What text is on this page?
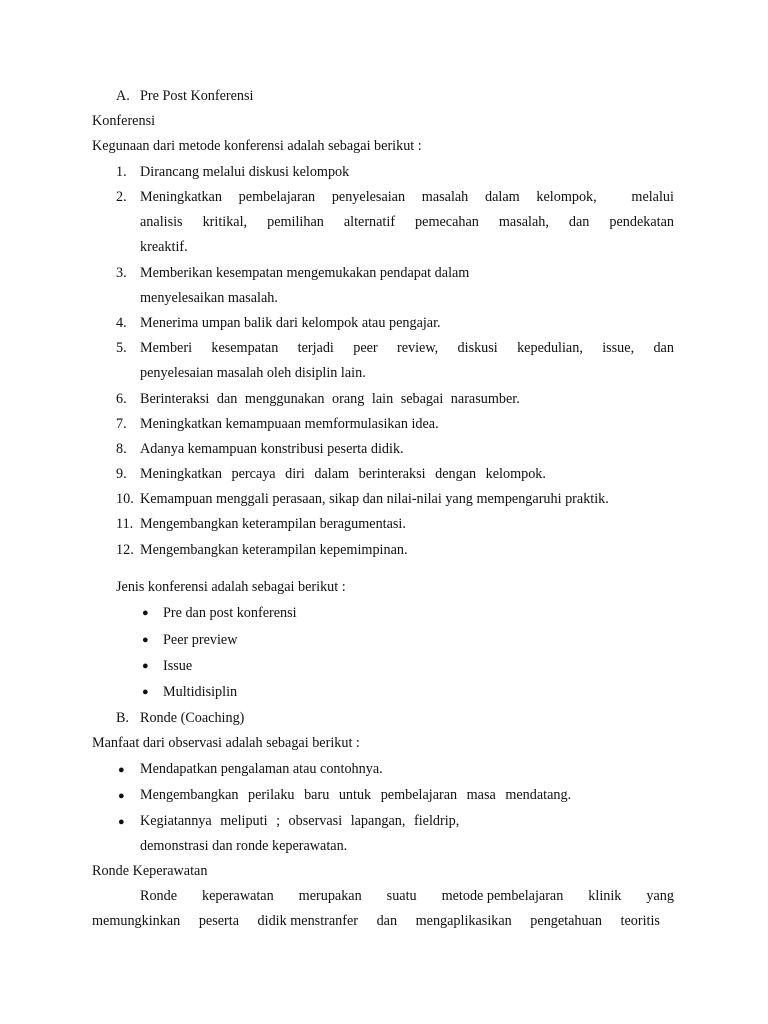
A. Pre Post Konferensi
Konferensi
Kegunaan dari metode konferensi adalah sebagai berikut :
1. Dirancang melalui diskusi kelompok
2. Meningkatkan pembelajaran penyelesaian masalah dalam kelompok, melalui
analisis kritikal, pemilihan alternatif pemecahan masalah, dan pendekatan
kreaktif.
3. Memberikan kesempatan mengemukakan pendapat dalam
menyelesaikan masalah.
4. Menerima umpan balik dari kelompok atau pengajar.
5. Memberi kesempatan terjadi peer review, diskusi kepedulian, issue, dan
penyelesaian masalah oleh disiplin lain.
6. Berinteraksi dan menggunakan orang lain sebagai narasumber.
7. Meningkatkan kemampuaan memformulasikan idea.
8. Adanya kemampuan konstribusi peserta didik.
9. Meningkatkan percaya diri dalam berinteraksi dengan kelompok.
10. Kemampuan menggali perasaan, sikap dan nilai-nilai yang mempengaruhi praktik.
11. Mengembangkan keterampilan beragumentasi.
12. Mengembangkan keterampilan kepemimpinan.
Jenis konferensi adalah sebagai berikut :
● Pre dan post konferensi
● Peer preview
● Issue
● Multidisiplin
B. Ronde (Coaching)
Manfaat dari observasi adalah sebagai berikut :
● Mendapatkan pengalaman atau contohnya.
● Mengembangkan perilaku baru untuk pembelajaran masa mendatang.
● Kegiatannya meliputi ; observasi lapangan, fieldrip,
demonstrasi dan ronde keperawatan.
Ronde Keperawatan
Ronde keperawatan merupakan suatu metode pembelajaran klinik yang
memungkinkan peserta didik menstranfer dan mengaplikasikan pengetahuan teoritis
